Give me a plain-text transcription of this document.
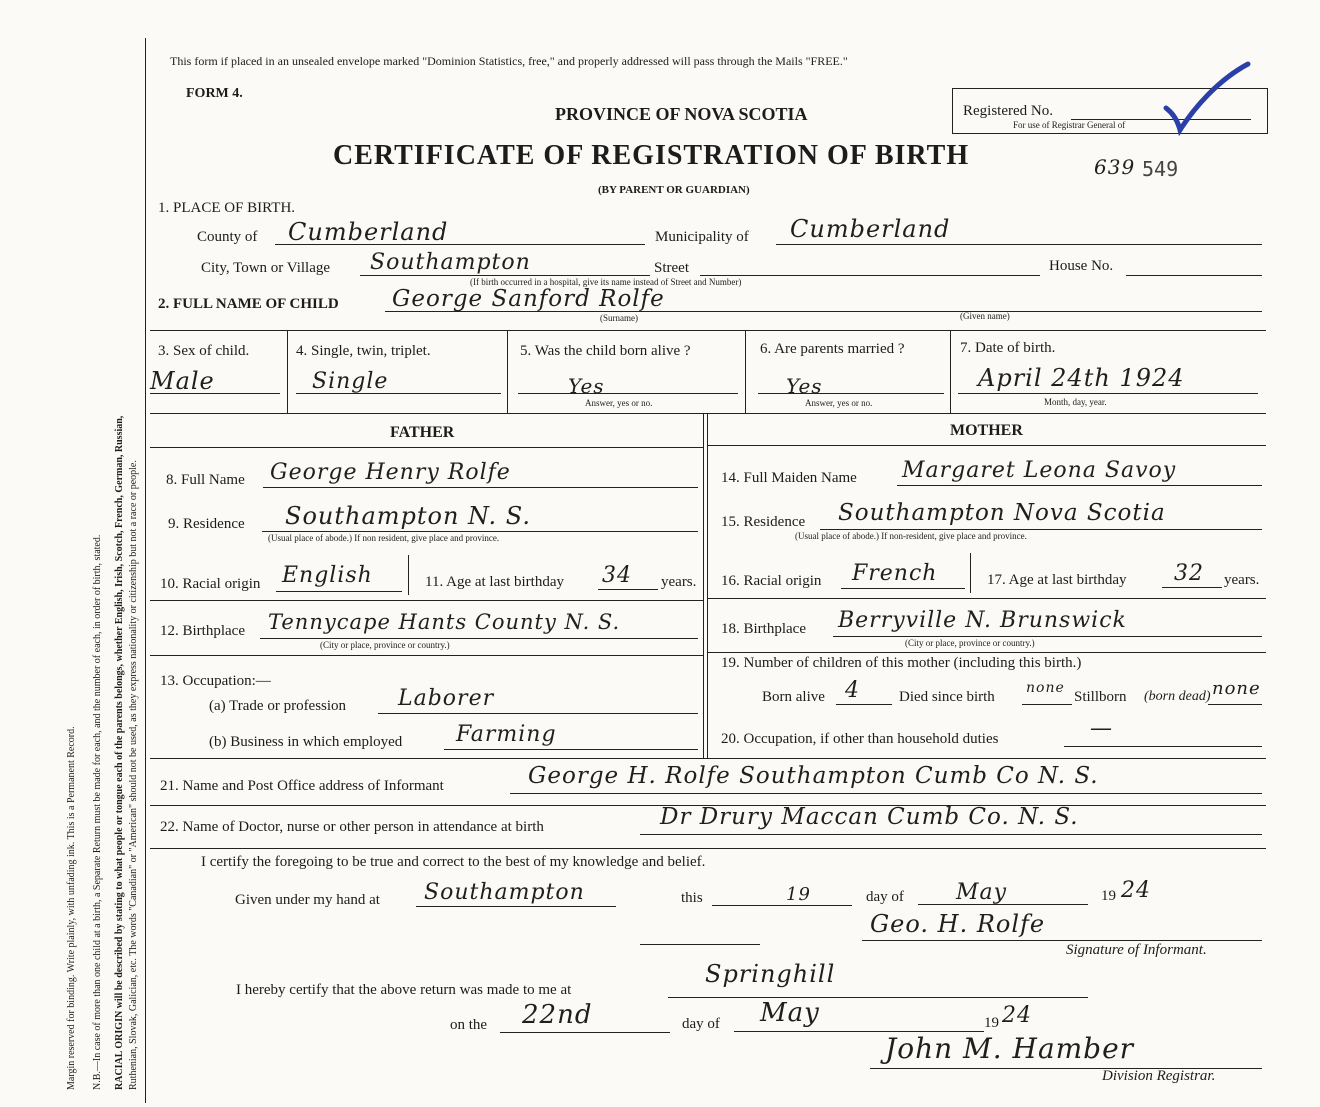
Margin reserved for binding. Write plainly, with unfading ink. This is a Permanent Record. N.B.—In case of more than one child at a birth, a Separate Return must be made for each, and the number of each, in order of birth, stated. RACIAL ORIGIN will be described by stating to what people or tongue each of the parents belongs, whether English, Irish, Scotch, French, German, Russian, Ruthenian, Slovak, Galician, etc. The words "Canadian" or "American" should not be used, as they express nationality or citizenship but not a race or people.
This form if placed in an unsealed envelope marked "Dominion Statistics, free," and properly addressed will pass through the Mails "FREE."
FORM 4.
PROVINCE OF NOVA SCOTIA
CERTIFICATE OF REGISTRATION OF BIRTH
(BY PARENT OR GUARDIAN)
Registered No.
For use of Registrar General of
639 549
1. PLACE OF BIRTH.
County of Cumberland	Municipality of Cumberland
City, Town or Village Southampton	Street	House No.
(If birth occurred in a hospital, give its name instead of Street and Number)
2. FULL NAME OF CHILD George Sanford Rolfe
(Surname)	(Given name)
3. Sex of child.
Male
4. Single, twin, triplet.
Single
5. Was the child born alive ?
Yes
Answer, yes or no.
6. Are parents married ?
Yes
Answer, yes or no.
7. Date of birth.
April 24th 1924
Month, day, year.
FATHER	MOTHER
8. Full Name George Henry Rolfe
9. Residence Southampton N. S.
(Usual place of abode.) If non resident, give place and province.
10. Racial origin English	11. Age at last birthday 34 years.
12. Birthplace Tennycape Hants County N. S.
(City or place, province or country.)
13. Occupation:—
(a) Trade or profession Laborer
(b) Business in which employed Farming
14. Full Maiden Name Margaret Leona Savoy
15. Residence Southampton Nova Scotia
(Usual place of abode.) If non-resident, give place and province.
16. Racial origin French	17. Age at last birthday 32 years.
18. Birthplace Berryville N. Brunswick
(City or place, province or country.)
19. Number of children of this mother (including this birth.)
Born alive 4	Died since birth
none
Stillborn (born dead) none
20. Occupation, if other than household duties	—
21. Name and Post Office address of Informant	George H. Rolfe Southampton Cumb Co N. S.
22. Name of Doctor, nurse or other person in attendance at birth	Dr Drury Maccan Cumb Co. N. S.
I certify the foregoing to be true and correct to the best of my knowledge and belief.
Given under my hand at Southampton	this	19	day of May	19 24
Geo. H. Rolfe
Signature of Informant.
I hereby certify that the above return was made to me at
Springhill
on the 22nd	day of May	19 24
John M. Hamber
Division Registrar.
